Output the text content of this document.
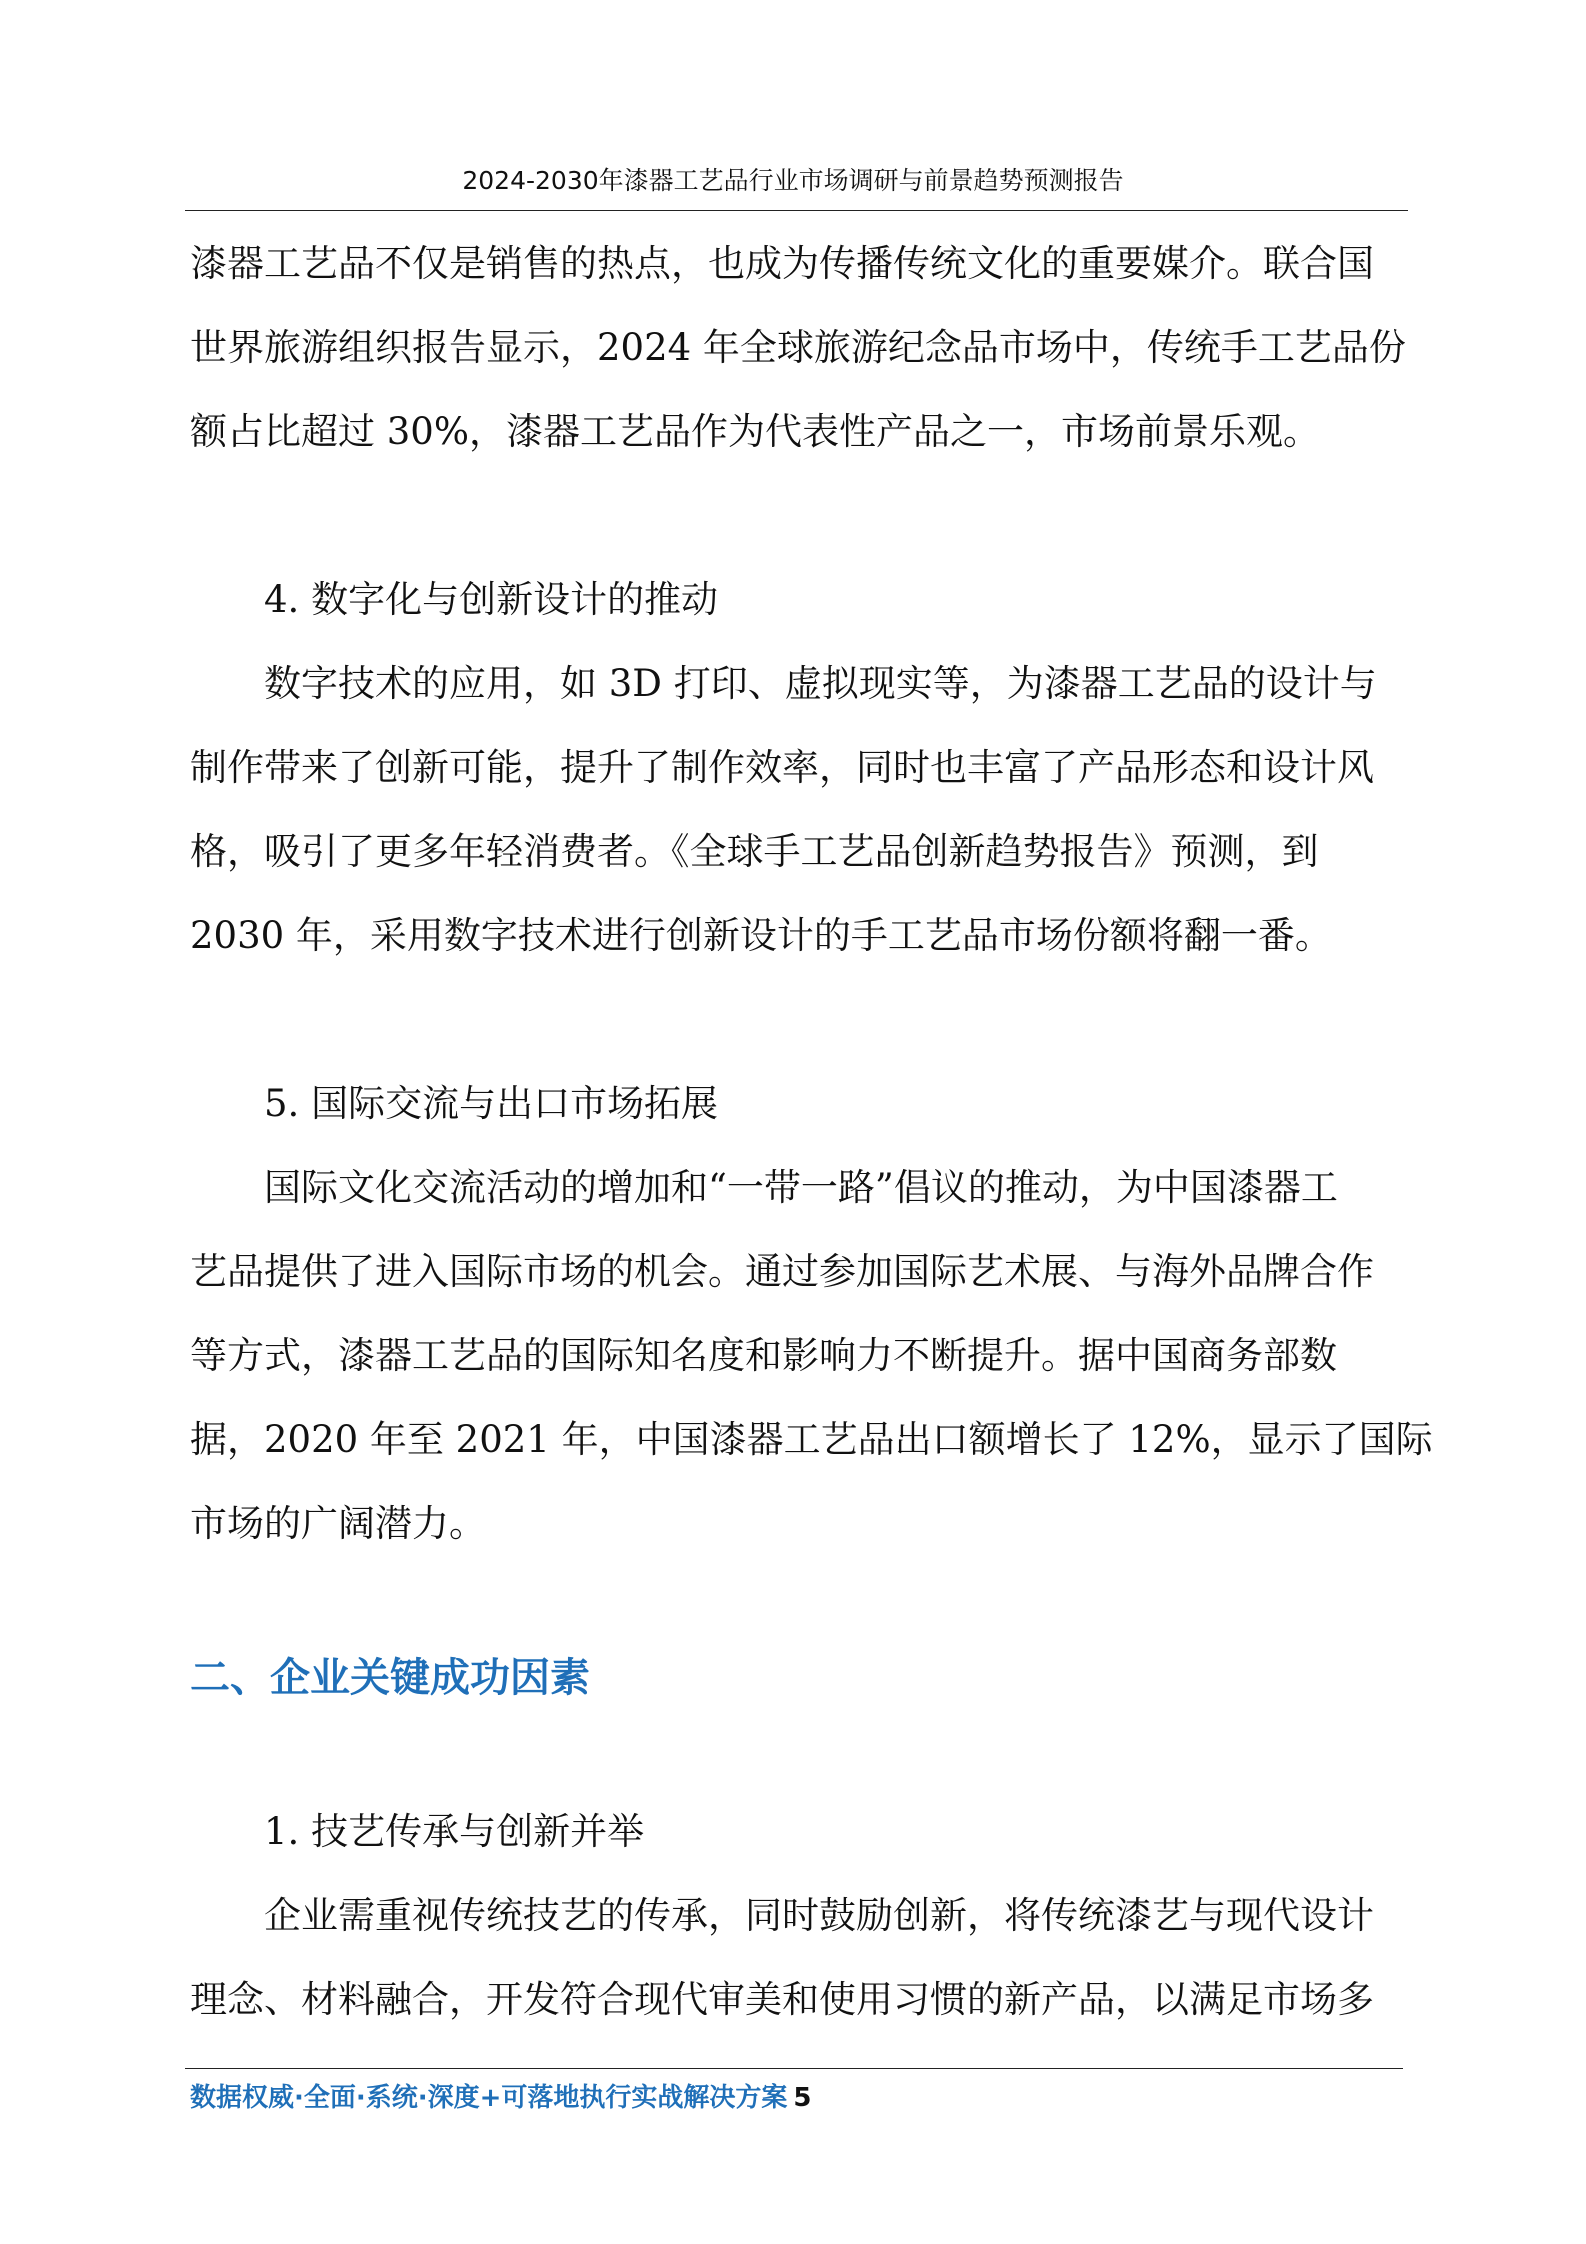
2024-2030年漆器工艺品行业市场调研与前景趋势预测报告
漆器工艺品不仅是销售的热点，也成为传播传统文化的重要媒介。联合国
世界旅游组织报告显示，2024 年全球旅游纪念品市场中，传统手工艺品份
额占比超过 30%，漆器工艺品作为代表性产品之一，市场前景乐观。
4. 数字化与创新设计的推动
数字技术的应用，如 3D 打印、虚拟现实等，为漆器工艺品的设计与
制作带来了创新可能，提升了制作效率，同时也丰富了产品形态和设计风
格，吸引了更多年轻消费者。《全球手工艺品创新趋势报告》预测，到
2030 年，采用数字技术进行创新设计的手工艺品市场份额将翻一番。
5. 国际交流与出口市场拓展
国际文化交流活动的增加和“一带一路”倡议的推动，为中国漆器工
艺品提供了进入国际市场的机会。通过参加国际艺术展、与海外品牌合作
等方式，漆器工艺品的国际知名度和影响力不断提升。据中国商务部数
据，2020 年至 2021 年，中国漆器工艺品出口额增长了 12%，显示了国际
市场的广阔潜力。
二、企业关键成功因素
1. 技艺传承与创新并举
企业需重视传统技艺的传承，同时鼓励创新，将传统漆艺与现代设计
理念、材料融合，开发符合现代审美和使用习惯的新产品，以满足市场多
数据权威·全面·系统·深度+可落地执行实战解决方案 5
